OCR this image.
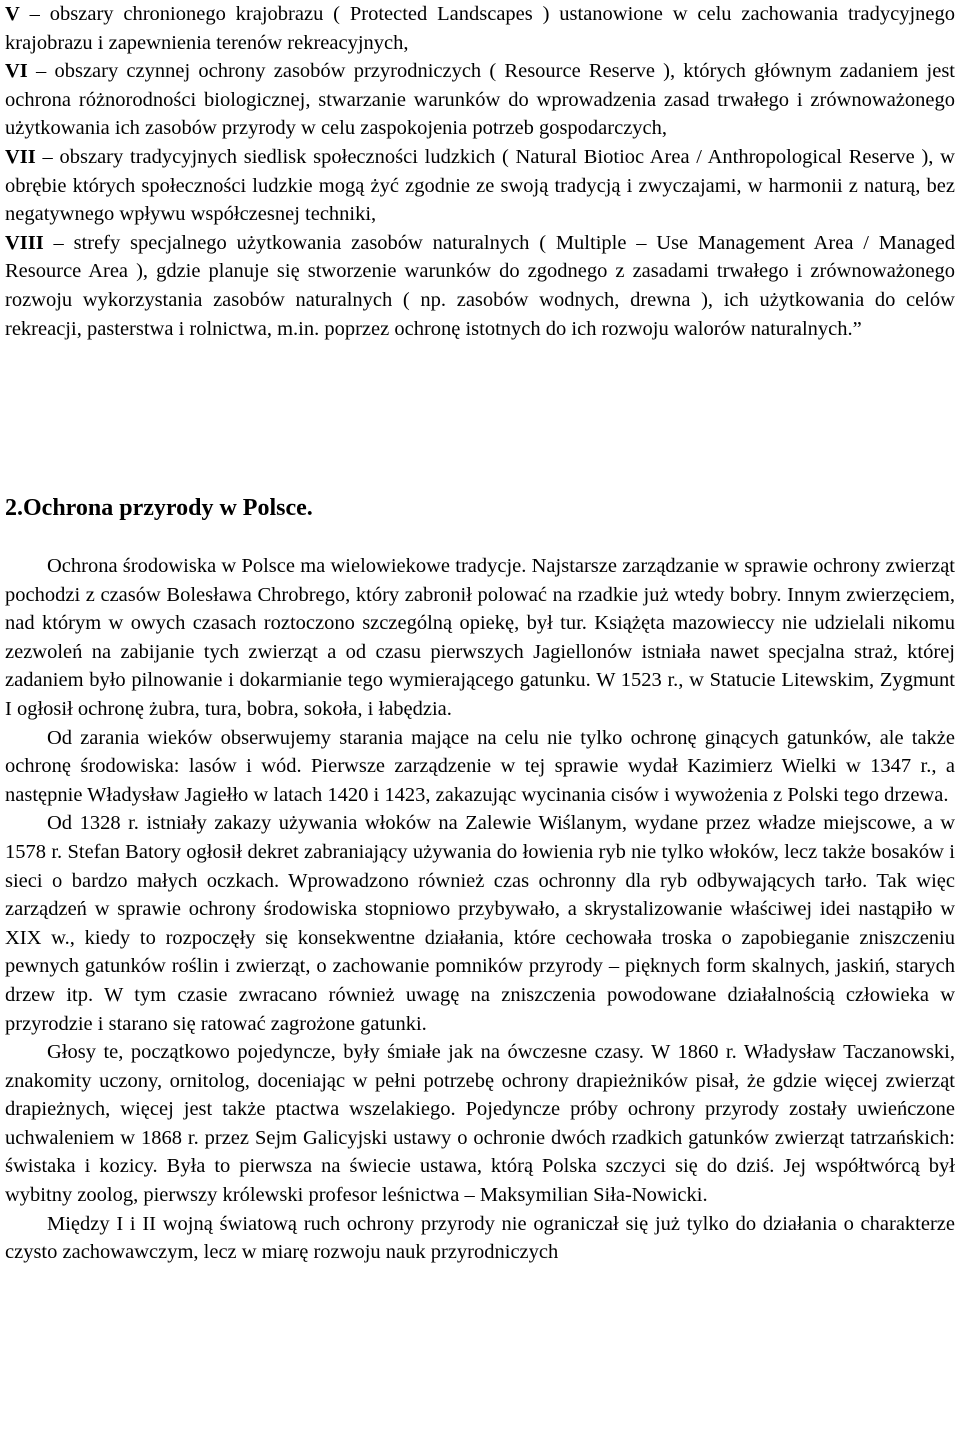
V – obszary chronionego krajobrazu ( Protected Landscapes ) ustanowione w celu zachowania tradycyjnego krajobrazu i zapewnienia terenów rekreacyjnych,

VI – obszary czynnej ochrony zasobów przyrodniczych ( Resource Reserve ), których głównym zadaniem jest ochrona różnorodności biologicznej, stwarzanie warunków do wprowadzenia zasad trwałego i zrównoważonego użytkowania ich zasobów przyrody w celu zaspokojenia potrzeb gospodarczych,

VII – obszary tradycyjnych siedlisk społeczności ludzkich ( Natural Biotioc Area / Anthropological Reserve ), w obrębie których społeczności ludzkie mogą żyć zgodnie ze swoją tradycją i zwyczajami, w harmonii z naturą, bez negatywnego wpływu współczesnej techniki,

VIII – strefy specjalnego użytkowania zasobów naturalnych ( Multiple – Use Management Area / Managed Resource Area ), gdzie planuje się stworzenie warunków do zgodnego z zasadami trwałego i zrównoważonego rozwoju wykorzystania zasobów naturalnych ( np. zasobów wodnych, drewna ), ich użytkowania do celów rekreacji, pasterstwa i rolnictwa, m.in. poprzez ochronę istotnych do ich rozwoju walorów naturalnych.”

2.Ochrona przyrody w Polsce.

Ochrona środowiska w Polsce ma wielowiekowe tradycje. Najstarsze zarządzanie w sprawie ochrony zwierząt pochodzi z czasów Bolesława Chrobrego, który zabronił polować na rzadkie już wtedy bobry. Innym zwierzęciem, nad którym w owych czasach roztoczono szczególną opiekę, był tur. Książęta mazowieccy nie udzielali nikomu zezwoleń na zabijanie tych zwierząt a od czasu pierwszych Jagiellonów istniała nawet specjalna straż, której zadaniem było pilnowanie i dokarmianie tego wymierającego gatunku. W 1523 r., w Statucie Litewskim, Zygmunt I ogłosił ochronę żubra, tura, bobra, sokoła, i łabędzia.

Od zarania wieków obserwujemy starania mające na celu nie tylko ochronę ginących gatunków, ale także ochronę środowiska: lasów i wód. Pierwsze zarządzenie w tej sprawie wydał Kazimierz Wielki w 1347 r., a następnie Władysław Jagiełło w latach 1420 i 1423, zakazując wycinania cisów i wywożenia z Polski tego drzewa.

Od 1328 r. istniały zakazy używania włoków na Zalewie Wiślanym, wydane przez władze miejscowe, a w 1578 r. Stefan Batory ogłosił dekret zabraniający używania do łowienia ryb nie tylko włoków, lecz także bosaków i sieci o bardzo małych oczkach. Wprowadzono również czas ochronny dla ryb odbywających tarło. Tak więc zarządzeń w sprawie ochrony środowiska stopniowo przybywało, a skrystalizowanie właściwej idei nastąpiło w XIX w., kiedy to rozpoczęły się konsekwentne działania, które cechowała troska o zapobieganie zniszczeniu pewnych gatunków roślin i zwierząt, o zachowanie pomników przyrody – pięknych form skalnych, jaskiń, starych drzew itp. W tym czasie zwracano również uwagę na zniszczenia powodowane działalnością człowieka w przyrodzie i starano się ratować zagrożone gatunki.

Głosy te, początkowo pojedyncze, były śmiałe jak na ówczesne czasy. W 1860 r. Władysław Taczanowski, znakomity uczony, ornitolog, doceniając w pełni potrzebę ochrony drapieżników pisał, że gdzie więcej zwierząt drapieżnych, więcej jest także ptactwa wszelakiego. Pojedyncze próby ochrony przyrody zostały uwieńczone uchwaleniem w 1868 r. przez Sejm Galicyjski ustawy o ochronie dwóch rzadkich gatunków zwierząt tatrzańskich: świstaka i kozicy. Była to pierwsza na świecie ustawa, którą Polska szczyci się do dziś. Jej współtwórcą był wybitny zoolog, pierwszy królewski profesor leśnictwa – Maksymilian Siła-Nowicki.

Między I i II wojną światową ruch ochrony przyrody nie ograniczał się już tylko do działania o charakterze czysto zachowawczym, lecz w miarę rozwoju nauk przyrodniczych
